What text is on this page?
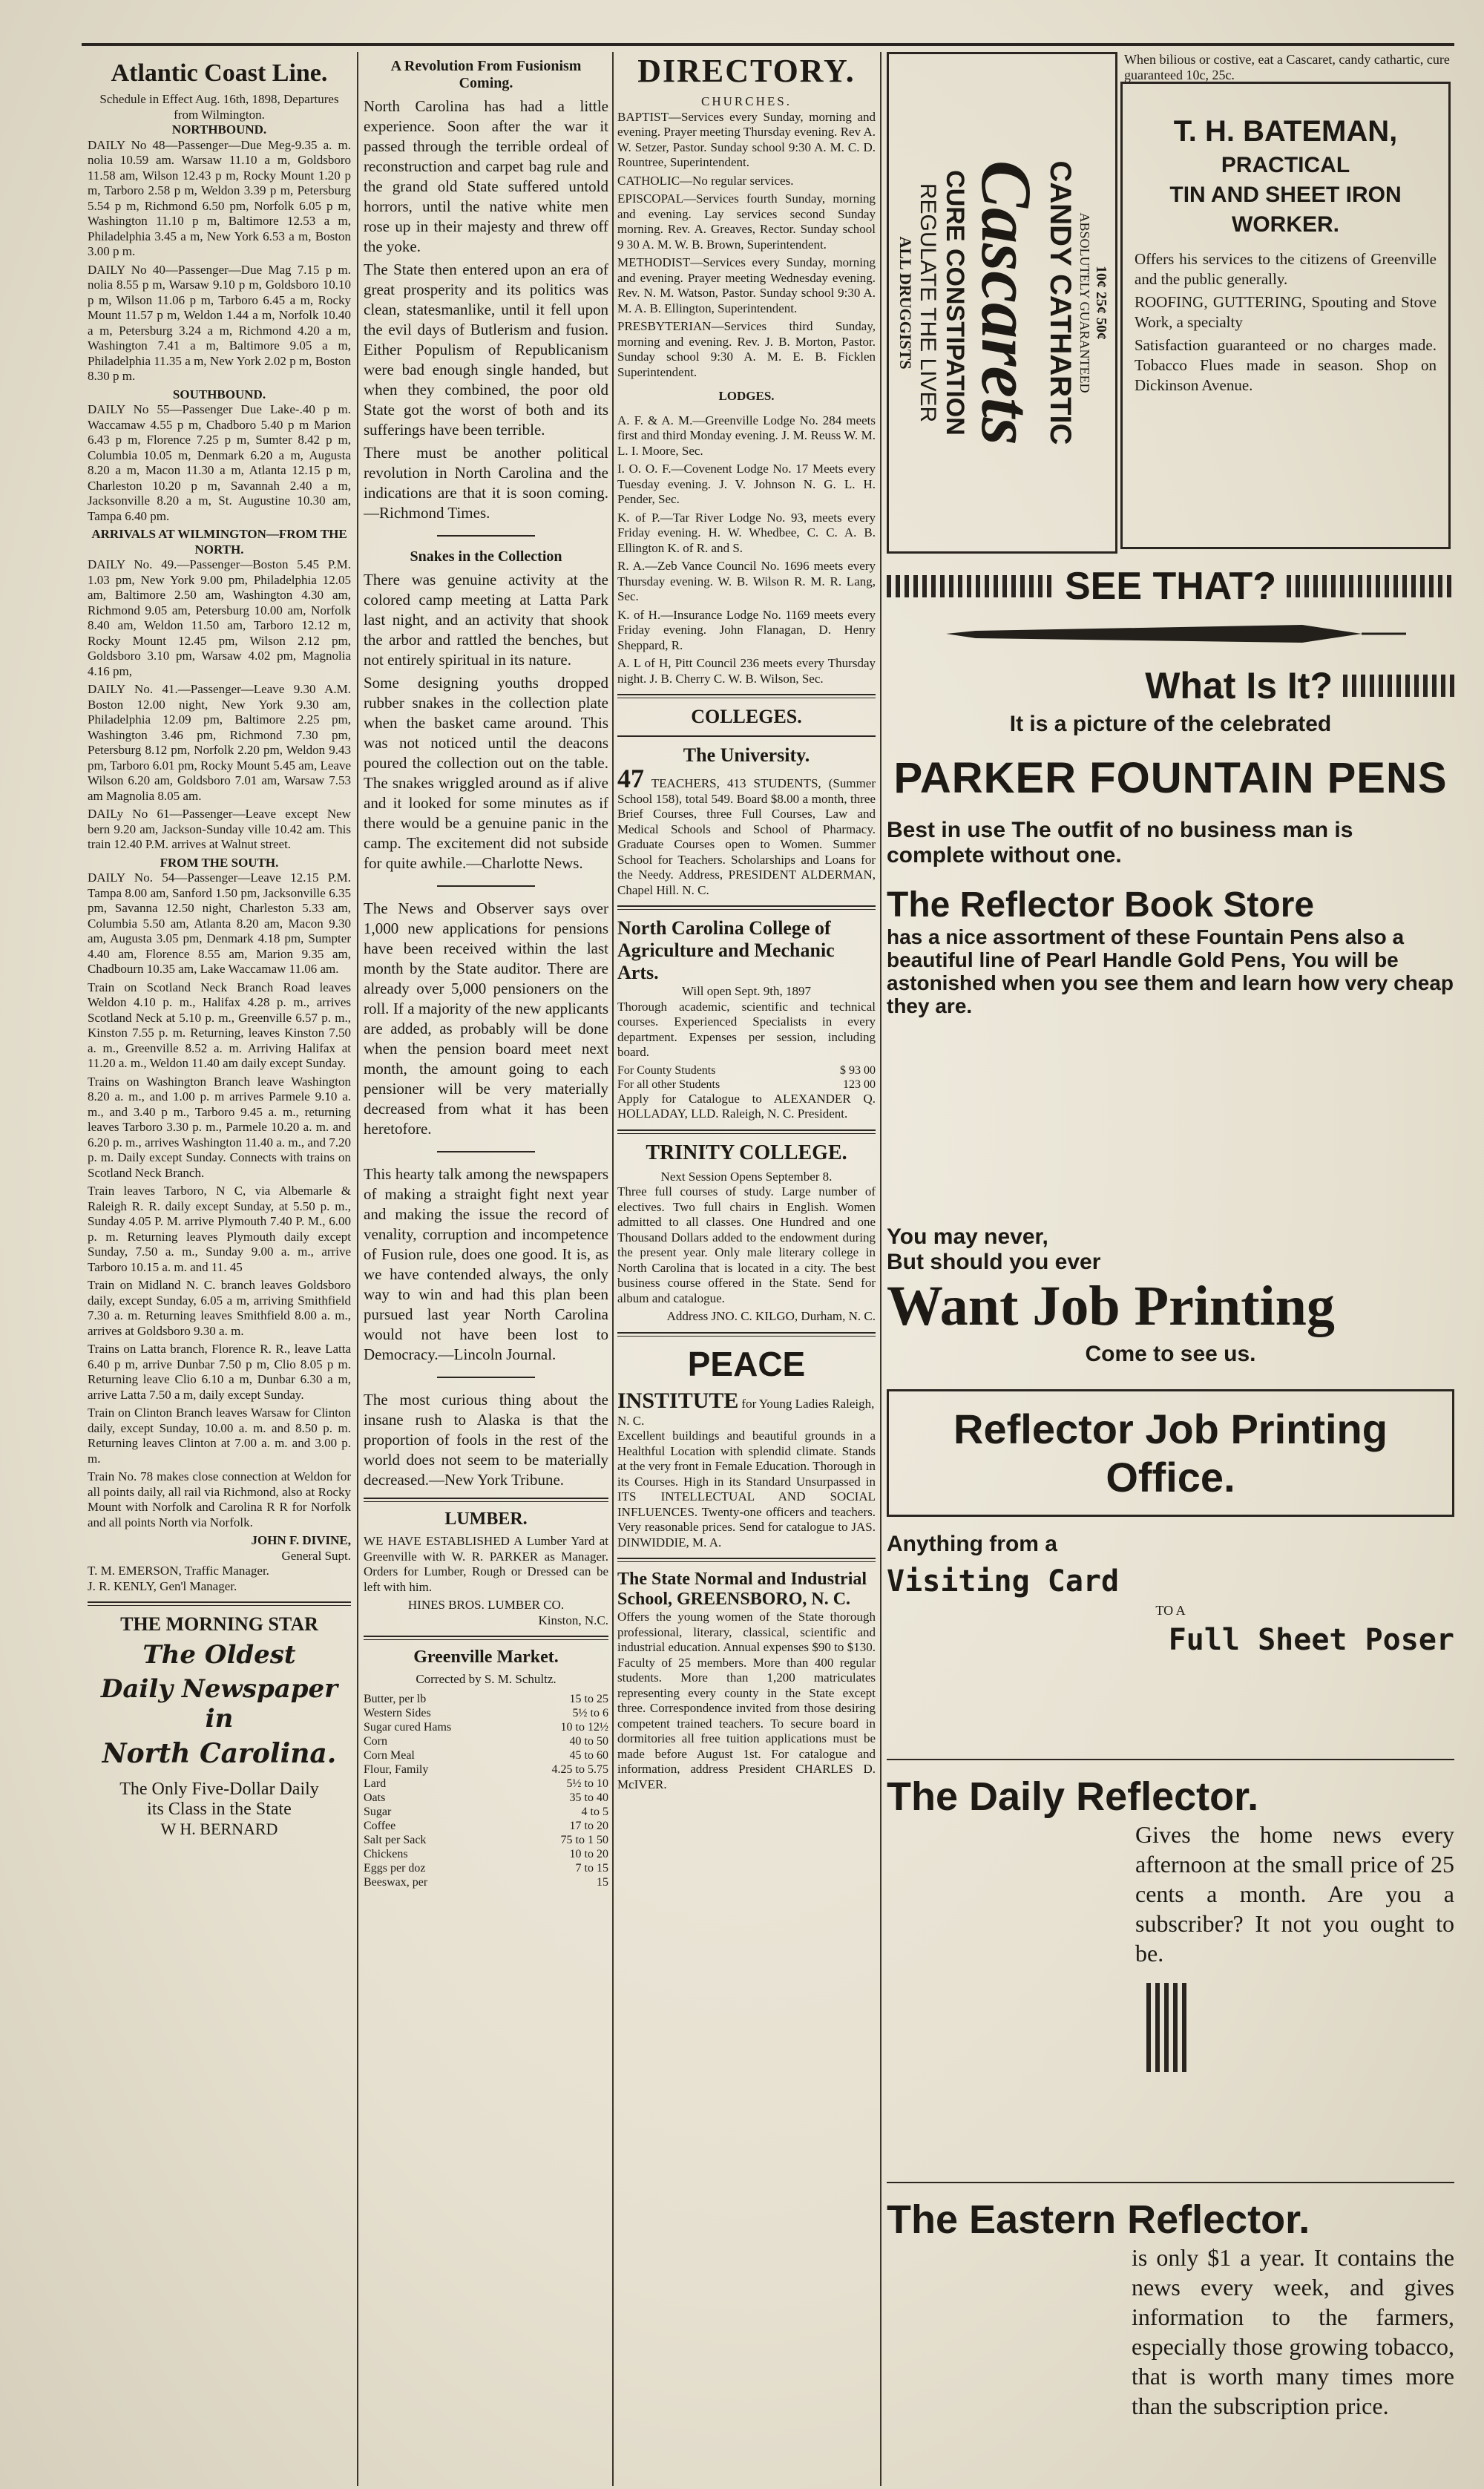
Atlantic Coast Line.
Schedule in Effect Aug. 16th, 1898, Departures from Wilmington.
NORTHBOUND.

DAILY No 48—Passenger—Due Meg-9.35 a. m. nolia 10.59 am. Warsaw 11.10 a m, Goldsboro 11.58 am, Wilson 12.43 p m, Rocky Mount 1.20 p m, Tarboro 2.58 p m, Weldon 3.39 p m, Petersburg 5.54 p m, Richmond 6.50 pm, Norfolk 6.05 p m, Washington 11.10 p m, Baltimore 12.53 a m, Philadelphia 3.45 a m, New York 6.53 a m, Boston 3.00 p m.

DAILY No 40—Passenger—Due Mag 7.15 p m. nolia 8.55 p m, Warsaw 9.10 p m, Goldsboro 10.10 p m, Wilson 11.06 p m, Tarboro 6.45 a m, Rocky Mount 11.57 p m, Weldon 1.44 a m, Norfolk 10.40 a m, Petersburg 3.24 a m, Richmond 4.20 a m, Washington 7.41 a m, Baltimore 9.05 a m, Philadelphia 11.35 a m, New York 2.02 p m, Boston 8.30 p m.

SOUTHBOUND.

DAILY No 55—Passenger Due Lake-.40 p m. Waccamaw 4.55 p m, Chadboro 5.40 p m Marion 6.43 p m, Florence 7.25 p m, Sumter 8.42 p m, Columbia 10.05 m, Denmark 6.20 a m, Augusta 8.20 a m, Macon 11.30 a m, Atlanta 12.15 p m, Charleston 10.20 p m, Savannah 2.40 a m, Jacksonville 8.20 a m, St. Augustine 10.30 am, Tampa 6.40 pm.

ARRIVALS AT WILMINGTON—FROM THE NORTH.

DAILY No. 49.—Passenger—Boston 5.45 P.M. 1.03 pm, New York 9.00 pm, Philadelphia 12.05 am, Baltimore 2.50 am, Washington 4.30 am, Richmond 9.05 am, Petersburg 10.00 am, Norfolk 8.40 am, Weldon 11.50 am, Tarboro 12.12 m, Rocky Mount 12.45 pm, Wilson 2.12 pm, Goldsboro 3.10 pm, Warsaw 4.02 pm, Magnolia 4.16 pm,

DAILY No. 41.—Passenger—Leave 9.30 A.M. Boston 12.00 night, New York 9.30 am, Philadelphia 12.09 pm, Baltimore 2.25 pm, Washington 3.46 pm, Richmond 7.30 pm, Petersburg 8.12 pm, Norfolk 2.20 pm, Weldon 9.43 pm, Tarboro 6.01 pm, Rocky Mount 5.45 am, Leave Wilson 6.20 am, Goldsboro 7.01 am, Warsaw 7.53 am Magnolia 8.05 am.

DAILy No 61—Passenger—Leave except New bern 9.20 am, Jackson-Sunday ville 10.42 am. This train 12.40 P.M. arrives at Walnut street.

FROM THE SOUTH.

DAILY No. 54—Passenger—Leave 12.15 P.M. Tampa 8.00 am, Sanford 1.50 pm, Jacksonville 6.35 pm, Savanna 12.50 night, Charleston 5.33 am, Columbia 5.50 am, Atlanta 8.20 am, Macon 9.30 am, Augusta 3.05 pm, Denmark 4.18 pm, Sumpter 4.40 am, Florence 8.55 am, Marion 9.35 am, Chadbourn 10.35 am, Lake Waccamaw 11.06 am.

Train on Scotland Neck Branch Road leaves Weldon 4.10 p. m., Halifax 4.28 p. m., arrives Scotland Neck at 5.10 p. m., Greenville 6.57 p. m., Kinston 7.55 p. m. Returning, leaves Kinston 7.50 a. m., Greenville 8.52 a. m. Arriving Halifax at 11.20 a. m., Weldon 11.40 am daily except Sunday.

Trains on Washington Branch leave Washington 8.20 a. m., and 1.00 p. m arrives Parmele 9.10 a. m., and 3.40 p m., Tarboro 9.45 a. m., returning leaves Tarboro 3.30 p. m., Parmele 10.20 a. m. and 6.20 p. m., arrives Washington 11.40 a. m., and 7.20 p. m. Daily except Sunday. Connects with trains on Scotland Neck Branch.

Train leaves Tarboro, N C, via Albemarle & Raleigh R. R. daily except Sunday, at 5.50 p. m., Sunday 4.05 P. M. arrive Plymouth 7.40 P. M., 6.00 p. m. Returning leaves Plymouth daily except Sunday, 7.50 a. m., Sunday 9.00 a. m., arrive Tarboro 10.15 a. m. and 11. 45

Train on Midland N. C. branch leaves Goldsboro daily, except Sunday, 6.05 a m, arriving Smithfield 7.30 a. m. Returning leaves Smithfield 8.00 a. m., arrives at Goldsboro 9.30 a. m.

Trains on Latta branch, Florence R. R., leave Latta 6.40 p m, arrive Dunbar 7.50 p m, Clio 8.05 p m. Returning leave Clio 6.10 a m, Dunbar 6.30 a m, arrive Latta 7.50 a m, daily except Sunday.

Train on Clinton Branch leaves Warsaw for Clinton daily, except Sunday, 10.00 a. m. and 8.50 p. m. Returning leaves Clinton at 7.00 a. m. and 3.00 p. m.

Train No. 78 makes close connection at Weldon for all points daily, all rail via Richmond, also at Rocky Mount with Norfolk and Carolina R R for Norfolk and all points North via Norfolk.

JOHN F. DIVINE,
General Supt.
T. M. EMERSON, Traffic Manager.
J. R. KENLY, Gen'l Manager.
THE MORNING STAR
The Oldest
Daily Newspaper in
North Carolina.
The Only Five-Dollar Daily
its Class in the State
W H. BERNARD
A Revolution From Fusionism Coming.

North Carolina has had a little experience. Soon after the war it passed through the terrible ordeal of reconstruction and carpet bag rule and the grand old State suffered untold horrors, until the native white men rose up in their majesty and threw off the yoke.

The State then entered upon an era of great prosperity and its politics was clean, statesmanlike, until it fell upon the evil days of Butlerism and fusion. Either Populism of Republicanism were bad enough single handed, but when they combined, the poor old State got the worst of both and its sufferings have been terrible.

There must be another political revolution in North Carolina and the indications are that it is soon coming.—Richmond Times.

Snakes in the Collection

There was genuine activity at the colored camp meeting at Latta Park last night, and an activity that shook the arbor and rattled the benches, but not entirely spiritual in its nature.

Some designing youths dropped rubber snakes in the collection plate when the basket came around. This was not noticed until the deacons poured the collection out on the table. The snakes wriggled around as if alive and it looked for some minutes as if there would be a genuine panic in the camp. The excitement did not subside for quite awhile.—Charlotte News.

The News and Observer says over 1,000 new applications for pensions have been received within the last month by the State auditor. There are already over 5,000 pensioners on the roll. If a majority of the new applicants are added, as probably will be done when the pension board meet next month, the amount going to each pensioner will be very materially decreased from what it has been heretofore.

This hearty talk among the newspapers of making a straight fight next year and making the issue the record of venality, corruption and incompetence of Fusion rule, does one good. It is, as we have contended always, the only way to win and had this plan been pursued last year North Carolina would not have been lost to Democracy.—Lincoln Journal.

The most curious thing about the insane rush to Alaska is that the proportion of fools in the rest of the world does not seem to be materially decreased.—New York Tribune.

LUMBER.

WE HAVE ESTABLISHED A Lumber Yard at Greenville with W. R. PARKER as Manager. Orders for Lumber, Rough or Dressed can be left with him.

HINES BROS. LUMBER CO.
Kinston, N.C.
Greenville Market.
Corrected by S. M. Schultz.
Butter, per lb	15 to 25
Western Sides	5½ to 6
Sugar cured Hams	10 to 12½
Corn	40 to 50
Corn Meal	45 to 60
Flour, Family	4.25 to 5.75
Lard	5½ to 10
Oats	35 to 40
Sugar	4 to 5
Coffee	17 to 20
Salt per Sack	75 to 1 50
Chickens	10 to 20
Eggs per doz	7 to 15
Beeswax, per	15
DIRECTORY.
CHURCHES.

BAPTIST—Services every Sunday, morning and evening. Prayer meeting Thursday evening. Rev A. W. Setzer, Pastor. Sunday school 9:30 A. M. C. D. Rountree, Superintendent.

CATHOLIC—No regular services.

EPISCOPAL—Services fourth Sunday, morning and evening. Lay services second Sunday morning. Rev. A. Greaves, Rector. Sunday school 9 30 A. M. W. B. Brown, Superintendent.

METHODIST—Services every Sunday, morning and evening. Prayer meeting Wednesday evening. Rev. N. M. Watson, Pastor. Sunday school 9:30 A. M. A. B. Ellington, Superintendent.

PRESBYTERIAN—Services third Sunday, morning and evening. Rev. J. B. Morton, Pastor. Sunday school 9:30 A. M. E. B. Ficklen Superintendent.

LODGES.

A. F. & A. M.—Greenville Lodge No. 284 meets first and third Monday evening. J. M. Reuss W. M. L. I. Moore, Sec.

I. O. O. F.—Covenent Lodge No. 17 Meets every Tuesday evening. J. V. Johnson N. G. L. H. Pender, Sec.

K. of P.—Tar River Lodge No. 93, meets every Friday evening. H. W. Whedbee, C. C. A. B. Ellington K. of R. and S.

R. A.—Zeb Vance Council No. 1696 meets every Thursday evening. W. B. Wilson R. M. R. Lang, Sec.

K. of H.—Insurance Lodge No. 1169 meets every Friday evening. John Flanagan, D. Henry Sheppard, R.

A. L of H, Pitt Council 236 meets every Thursday night. J. B. Cherry C. W. B. Wilson, Sec.

COLLEGES.
The University.

47 TEACHERS, 413 STUDENTS, (Summer School 158), total 549. Board $8.00 a month, three Brief Courses, three Full Courses, Law and Medical Schools and School of Pharmacy. Graduate Courses open to Women. Summer School for Teachers. Scholarships and Loans for the Needy. Address, PRESIDENT ALDERMAN, Chapel Hill. N. C.

North Carolina College of Agriculture and Mechanic Arts.
Will open Sept. 9th, 1897

Thorough academic, scientific and technical courses. Experienced Specialists in every department. Expenses per session, including board.

For County Students	$ 93 00
For all other Students	123 00

Apply for Catalogue to ALEXANDER Q. HOLLADAY, LLD. Raleigh, N. C. President.

TRINITY COLLEGE.
Next Session Opens September 8.

Three full courses of study. Large number of electives. Two full chairs in English. Women admitted to all classes. One Hundred and one Thousand Dollars added to the endowment during the present year. Only male literary college in North Carolina that is located in a city. The best business course offered in the State. Send for album and catalogue.

Address JNO. C. KILGO, Durham, N. C.
PEACE
INSTITUTE for Young Ladies Raleigh, N. C.

Excellent buildings and beautiful grounds in a Healthful Location with splendid climate. Stands at the very front in Female Education. Thorough in its Courses. High in its Standard Unsurpassed in ITS INTELLECTUAL AND SOCIAL INFLUENCES. Twenty-one officers and teachers. Very reasonable prices. Send for catalogue to JAS. DINWIDDIE, M. A.

The State Normal and Industrial School, GREENSBORO, N. C.

Offers the young women of the State thorough professional, literary, classical, scientific and industrial education. Annual expenses $90 to $130. Faculty of 25 members. More than 400 regular students. More than 1,200 matriculates representing every county in the State except three. Correspondence invited from those desiring competent trained teachers. To secure board in dormitories all free tuition applications must be made before August 1st. For catalogue and information, address President CHARLES D. McIVER.

10¢ 25¢ 50¢
ABSOLUTELY GUARANTEED
CANDY CATHARTIC
Cascarets
CURE CONSTIPATION
REGULATE THE LIVER
ALL DRUGGISTS
When bilious or costive, eat a Cascaret, candy cathartic, cure guaranteed 10c, 25c.
T. H. BATEMAN,
PRACTICAL
TIN AND SHEET IRON
WORKER.

Offers his services to the citizens of Greenville and the public generally.

ROOFING, GUTTERING, Spouting and Stove Work, a specialty

Satisfaction guaranteed or no charges made. Tobacco Flues made in season. Shop on Dickinson Avenue.

SEE THAT?
What Is It?
It is a picture of the celebrated
PARKER FOUNTAIN PENS
Best in use The outfit of no business man is complete without one.
The Reflector Book Store
has a nice assortment of these Fountain Pens also a beautiful line of Pearl Handle Gold Pens, You will be astonished when you see them and learn how very cheap they are.
You may never,
But should you ever
Want Job Printing
Come to see us.
Reflector Job Printing Office.
Anything from a
Visiting Card
TO A
Full Sheet Poser
The Daily Reflector.
Gives the home news every afternoon at the small price of 25 cents a month. Are you a subscriber? It not you ought to be.
The Eastern Reflector.
is only $1 a year. It contains the news every week, and gives information to the farmers, especially those growing tobacco, that is worth many times more than the subscription price.
